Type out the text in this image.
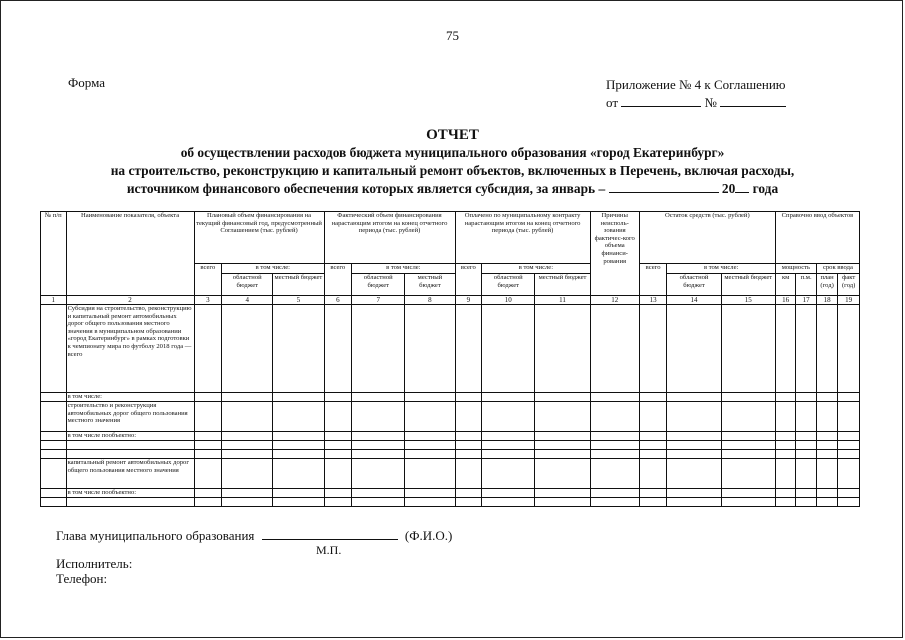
75
Форма	Приложение № 4 к Соглашению
от	№
ОТЧЕТ
об осуществлении расходов бюджета муниципального образования «город Екатеринбург»
на строительство, реконструкцию и капитальный ремонт объектов, включенных в Перечень, включая расходы,
источником финансового обеспечения которых является субсидия, за январь –	20 года
№ п/п	Наименование показателя, объекта	Плановый объем финансирования на текущий финансовый год, предусмотренный Соглашением (тыс. рублей)			Фактический объем финансирования нарастающим итогом на конец отчетного периода (тыс. рублей)			Оплачено по муниципальному контракту нарастающим итогом на конец отчетного периода (тыс. рублей)			Причины неисполь-зования фактичес-кого объема финанси-рования	Остаток средств (тыс. рублей)			Справочно ввод объектов			
		всего	в том числе:		всего	в том числе:		всего	в том числе:			всего	в том числе:		мощность		срок ввода	
			областной бюджет	местный бюджет		областной бюджет	местный бюджет		областной бюджет	местный бюджет			областной бюджет	местный бюджет	км	п.м.	план (год)	факт (год)
1	2	3	4	5	6	7	8	9	10	11	12	13	14	15	16	17	18	19
	Субсидия на строительство, реконструкцию и капитальный ремонт автомобильных дорог общего пользования местного значения в муниципальном образовании «город Екатеринбург» в рамках подготовки к чемпионату мира по футболу 2018 года — всего																	
	в том числе:																	
	строительство и реконструкция автомобильных дорог общего пользования местного значения																	
	в том числе пообъектно:																	

	капитальный ремонт автомобильных дорог общего пользования местного значения																	
	в том числе пообъектно:																	

Глава муниципального образования	(Ф.И.О.)
М.П.
Исполнитель:
Телефон:
